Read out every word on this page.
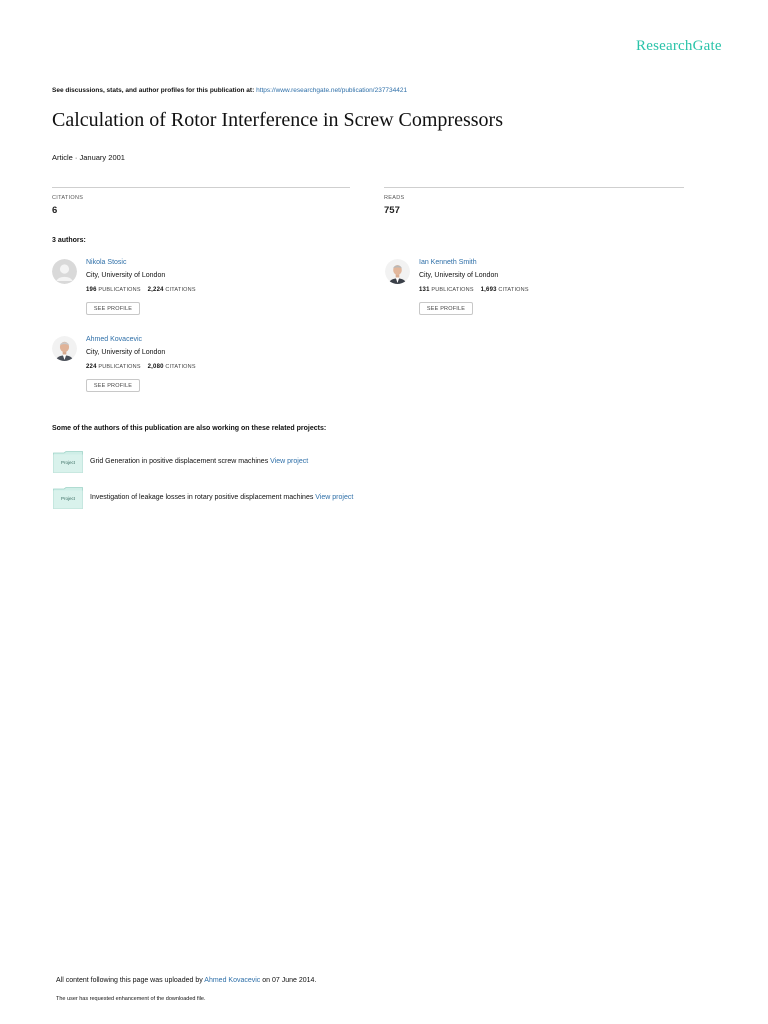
ResearchGate
See discussions, stats, and author profiles for this publication at: https://www.researchgate.net/publication/237734421
Calculation of Rotor Interference in Screw Compressors
Article · January 2001
CITATIONS
6
READS
757
3 authors:
Nikola Stosic
City, University of London
196 PUBLICATIONS 2,224 CITATIONS
SEE PROFILE
Ian Kenneth Smith
City, University of London
131 PUBLICATIONS 1,693 CITATIONS
SEE PROFILE
Ahmed Kovacevic
City, University of London
224 PUBLICATIONS 2,080 CITATIONS
SEE PROFILE
Some of the authors of this publication are also working on these related projects:
Project Grid Generation in positive displacement screw machines View project
Project Investigation of leakage losses in rotary positive displacement machines View project
All content following this page was uploaded by Ahmed Kovacevic on 07 June 2014.
The user has requested enhancement of the downloaded file.
